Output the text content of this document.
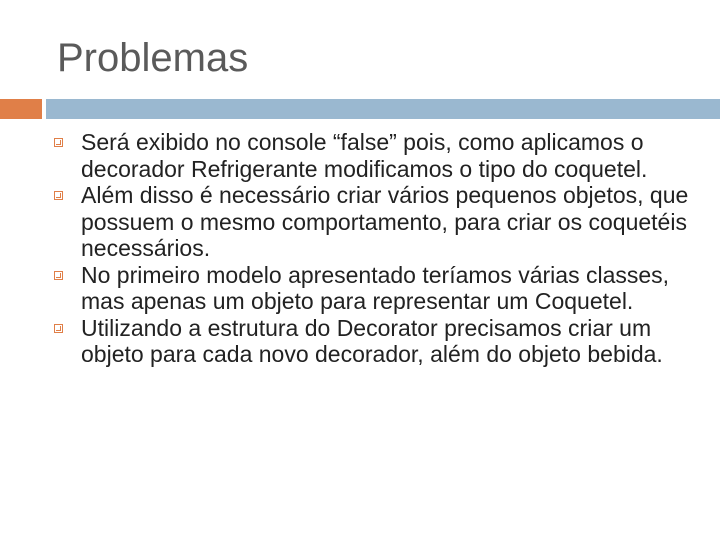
Problemas
Será exibido no console “false” pois, como aplicamos o decorador Refrigerante modificamos o tipo do coquetel.
Além disso é necessário criar vários pequenos objetos, que possuem o mesmo comportamento, para criar os coquetéis necessários.
No primeiro modelo apresentado teríamos várias classes, mas apenas um objeto para representar um Coquetel.
Utilizando a estrutura do Decorator precisamos criar um objeto para cada novo decorador, além do objeto bebida.
